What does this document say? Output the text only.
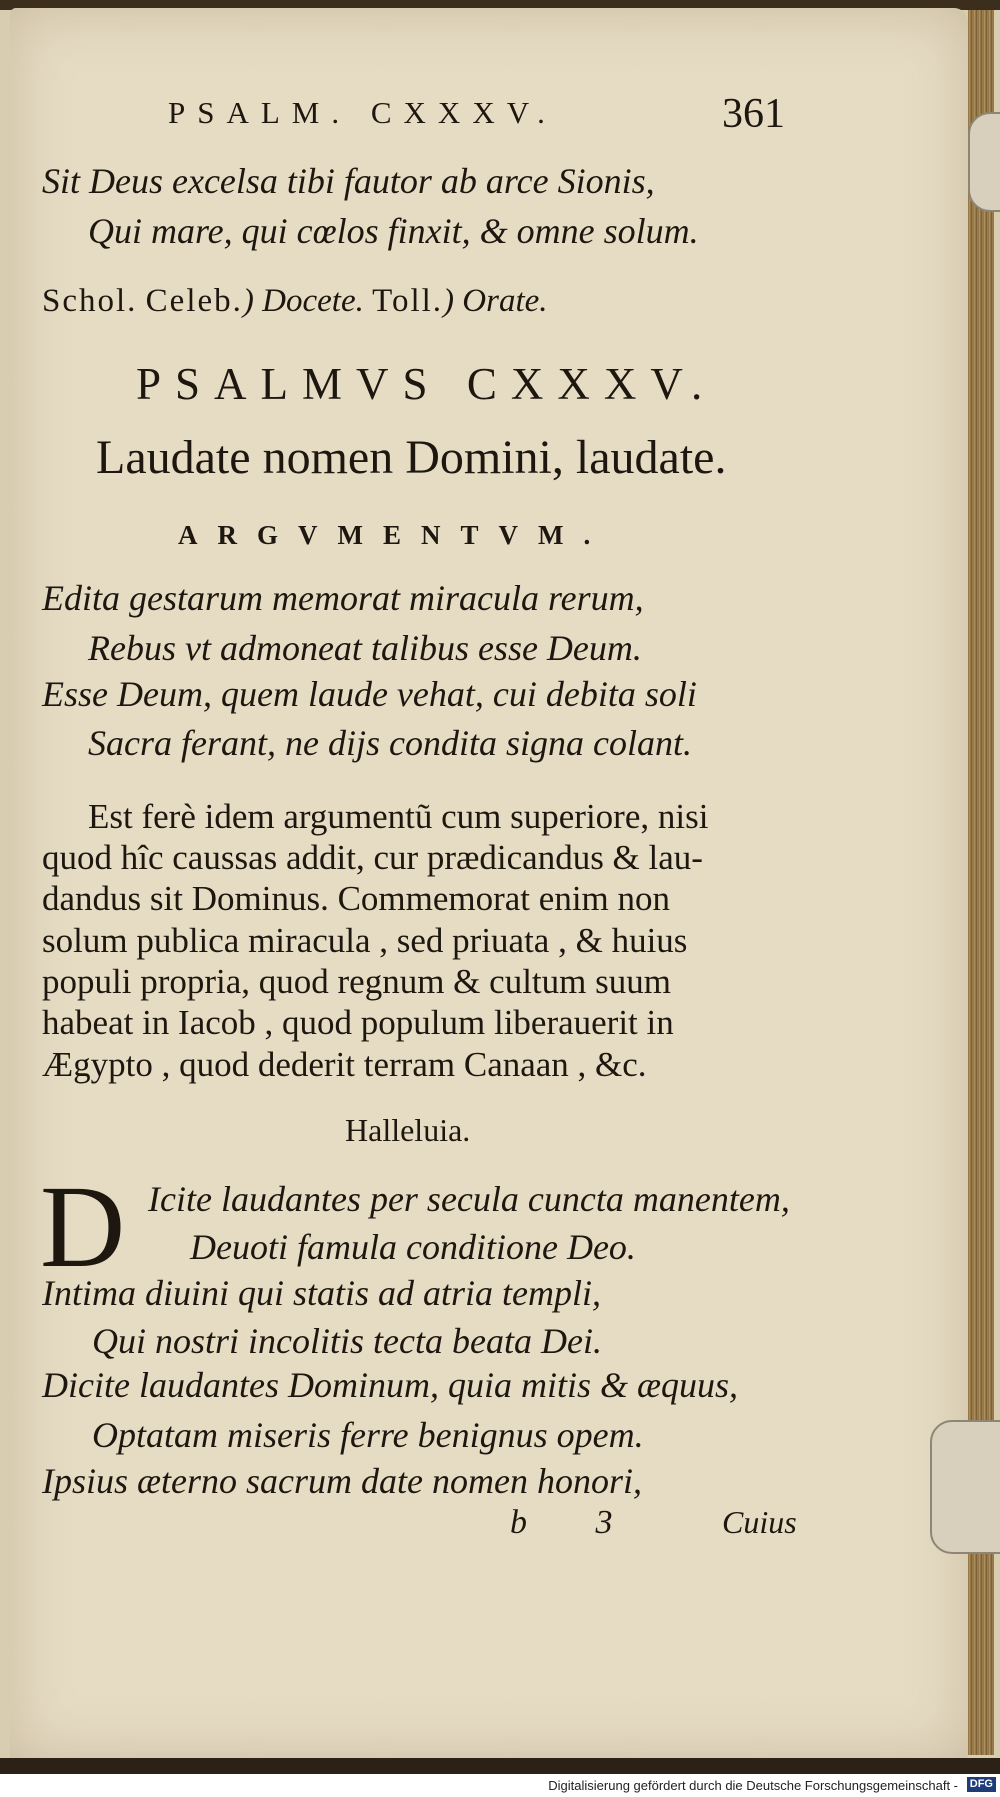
PSALM. CXXXV.	361
Sit Deus excelsa tibi fautor ab arce Sionis,
Qui mare, qui cœlos finxit, & omne solum.
Schol. Celeb.) Docete. Toll.) Orate.
PSALMVS CXXXV.
Laudate nomen Domini, laudate.
ARGVMENTVM.
Edita gestarum memorat miracula rerum,
Rebus vt admoneat talibus esse Deum.
Esse Deum, quem laude vehat, cui debita soli
Sacra ferant, ne dijs condita signa colant.
Est ferè idem argumentũ cum superiore, nisi
quod hîc caussas addit, cur prædicandus & lau-
dandus sit Dominus. Commemorat enim non
solum publica miracula , sed priuata , & huius
populi propria, quod regnum & cultum suum
habeat in Iacob , quod populum liberauerit in
Ægypto , quod dederit terram Canaan , &c.
Halleluia.
D Icite laudantes per secula cuncta manentem,
Deuoti famula conditione Deo.
Intima diuini qui statis ad atria templi,
Qui nostri incolitis tecta beata Dei.
Dicite laudantes Dominum, quia mitis & æquus,
Optatam miseris ferre benignus opem.
Ipsius æterno sacrum date nomen honori,
b 3 Cuius
Digitalisierung gefördert durch die Deutsche Forschungsgemeinschaft - DFG
